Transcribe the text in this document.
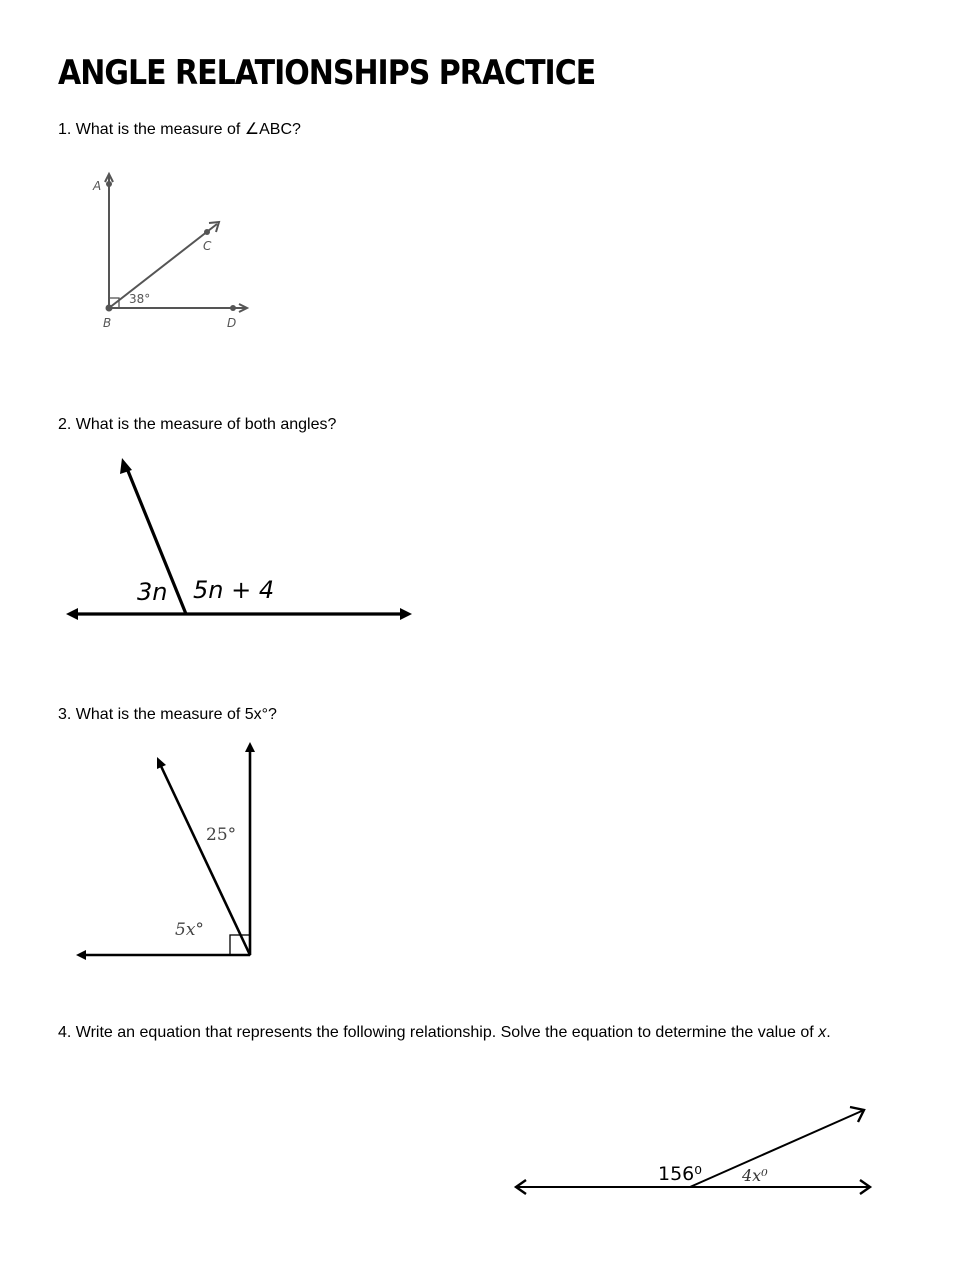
ANGLE RELATIONSHIPS PRACTICE

1. What is the measure of ∠ABC?

A
B
C
D
38°

2. What is the measure of both angles?

3n 5n + 4

3. What is the measure of 5x°?

25°
5x°

4. Write an equation that represents the following relationship. Solve the equation to determine the value of x.

156⁰	4x⁰
